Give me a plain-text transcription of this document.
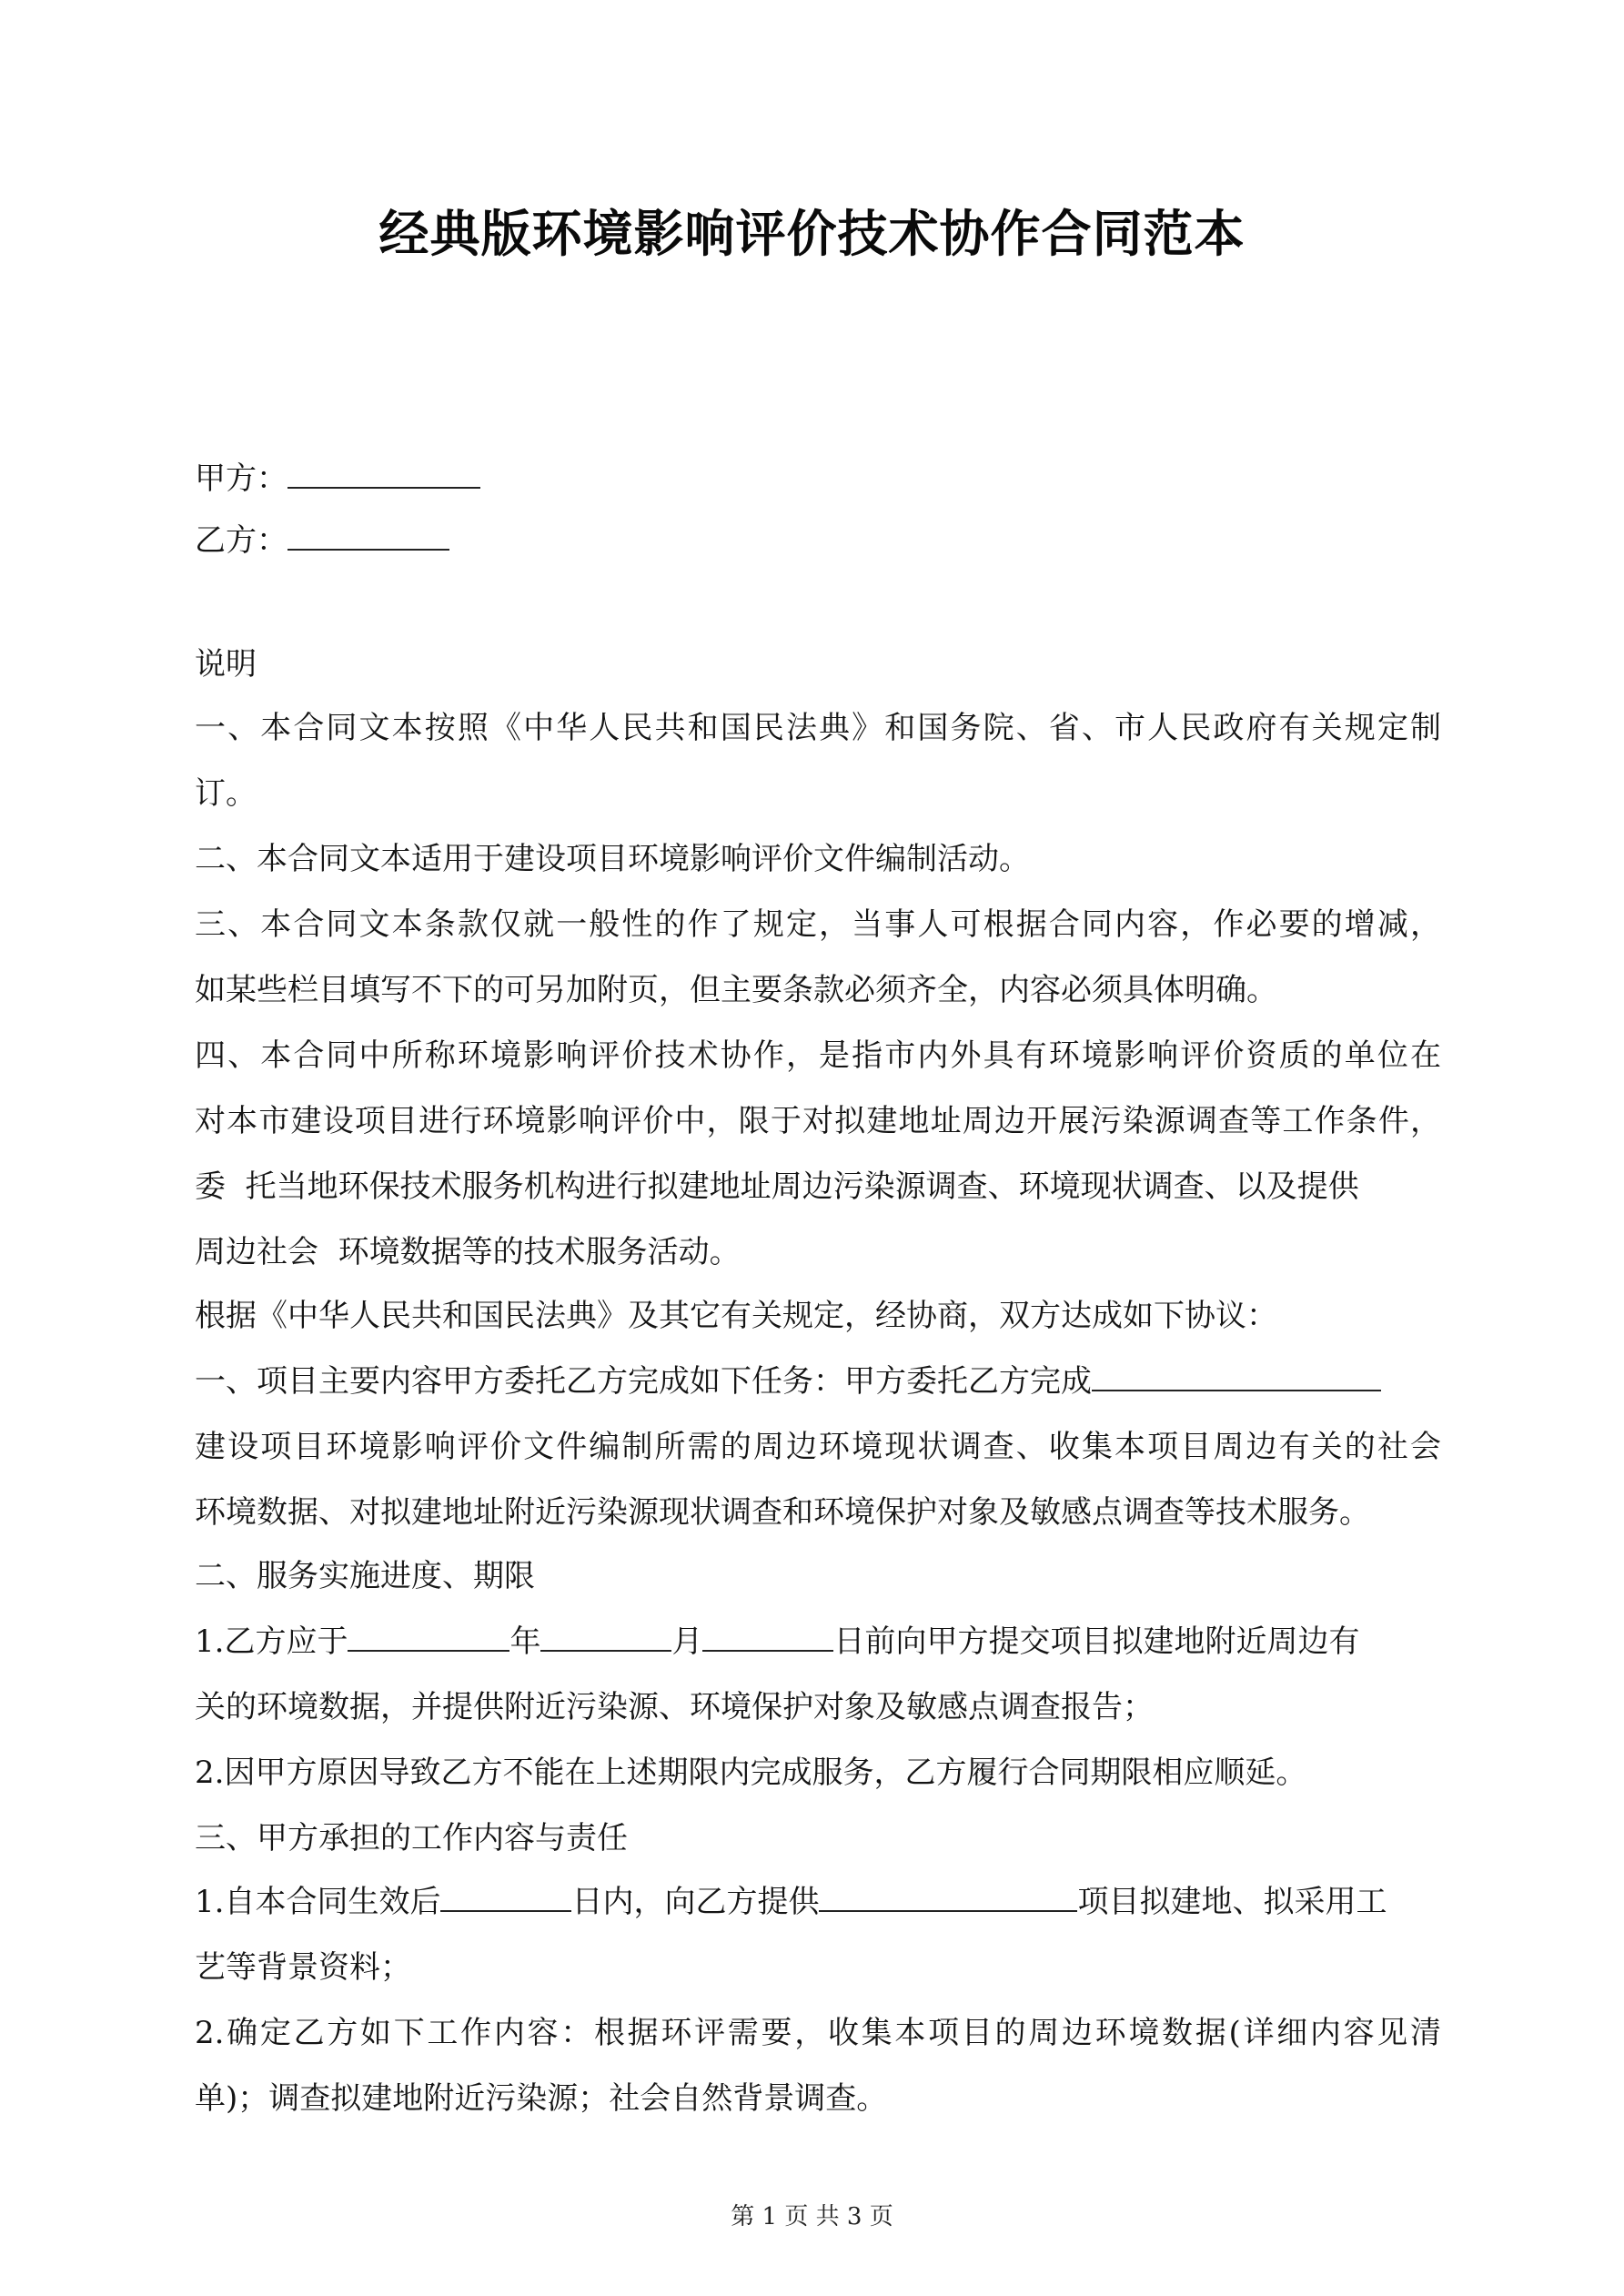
经典版环境影响评价技术协作合同范本
甲方：
乙方：
说明
一、本合同文本按照《中华人民共和国民法典》和国务院、省、市人民政府有关规定制
订。
二、本合同文本适用于建设项目环境影响评价文件编制活动。
三、本合同文本条款仅就一般性的作了规定，当事人可根据合同内容，作必要的增减，
如某些栏目填写不下的可另加附页，但主要条款必须齐全，内容必须具体明确。
四、本合同中所称环境影响评价技术协作，是指市内外具有环境影响评价资质的单位在
对本市建设项目进行环境影响评价中，限于对拟建地址周边开展污染源调查等工作条件，
委  托当地环保技术服务机构进行拟建地址周边污染源调查、环境现状调查、以及提供
周边社会  环境数据等的技术服务活动。
根据《中华人民共和国民法典》及其它有关规定，经协商，双方达成如下协议：
一、项目主要内容甲方委托乙方完成如下任务：甲方委托乙方完成
建设项目环境影响评价文件编制所需的周边环境现状调查、收集本项目周边有关的社会
环境数据、对拟建地址附近污染源现状调查和环境保护对象及敏感点调查等技术服务。
二、服务实施进度、期限
1.乙方应于	年	月	日前向甲方提交项目拟建地附近周边有
关的环境数据，并提供附近污染源、环境保护对象及敏感点调查报告；
2.因甲方原因导致乙方不能在上述期限内完成服务，乙方履行合同期限相应顺延。
三、甲方承担的工作内容与责任
1.自本合同生效后	日内，向乙方提供	项目拟建地、拟采用工
艺等背景资料；
2.确定乙方如下工作内容：根据环评需要，收集本项目的周边环境数据(详细内容见清
单)；调查拟建地附近污染源；社会自然背景调查。
第 1 页 共 3 页
